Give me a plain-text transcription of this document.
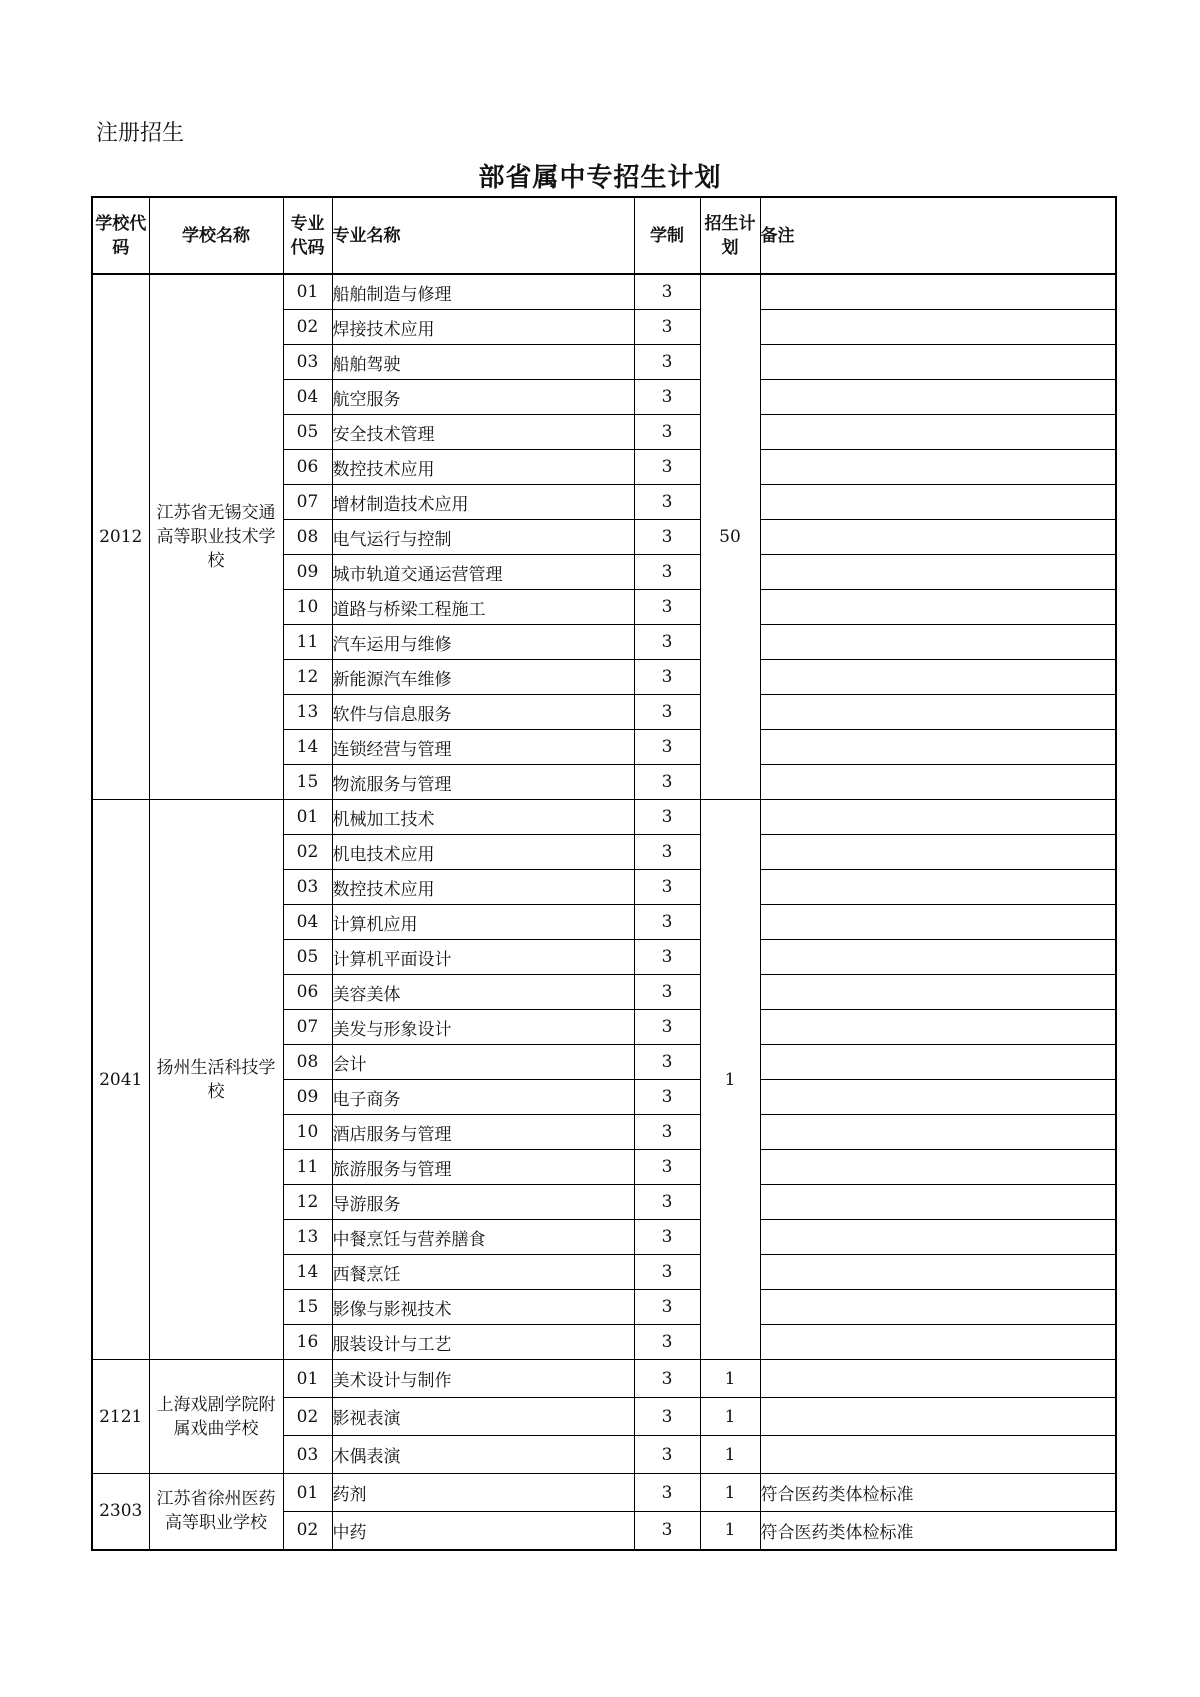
注册招生
部省属中专招生计划
学校代码	学校名称	专业代码	专业名称	学制	招生计划	备注
2012	江苏省无锡交通高等职业技术学校	01	船舶制造与修理	3	50	
		02	焊接技术应用	3		
		03	船舶驾驶	3		
		04	航空服务	3		
		05	安全技术管理	3		
		06	数控技术应用	3		
		07	增材制造技术应用	3		
		08	电气运行与控制	3		
		09	城市轨道交通运营管理	3		
		10	道路与桥梁工程施工	3		
		11	汽车运用与维修	3		
		12	新能源汽车维修	3		
		13	软件与信息服务	3		
		14	连锁经营与管理	3		
		15	物流服务与管理	3		
2041	扬州生活科技学校	01	机械加工技术	3	1	
		02	机电技术应用	3		
		03	数控技术应用	3		
		04	计算机应用	3		
		05	计算机平面设计	3		
		06	美容美体	3		
		07	美发与形象设计	3		
		08	会计	3		
		09	电子商务	3		
		10	酒店服务与管理	3		
		11	旅游服务与管理	3		
		12	导游服务	3		
		13	中餐烹饪与营养膳食	3		
		14	西餐烹饪	3		
		15	影像与影视技术	3		
		16	服装设计与工艺	3		
2121	上海戏剧学院附属戏曲学校	01	美术设计与制作	3	1	
		02	影视表演	3	1	
		03	木偶表演	3	1	
2303	江苏省徐州医药高等职业学校	01	药剂	3	1	符合医药类体检标准
		02	中药	3	1	符合医药类体检标准
